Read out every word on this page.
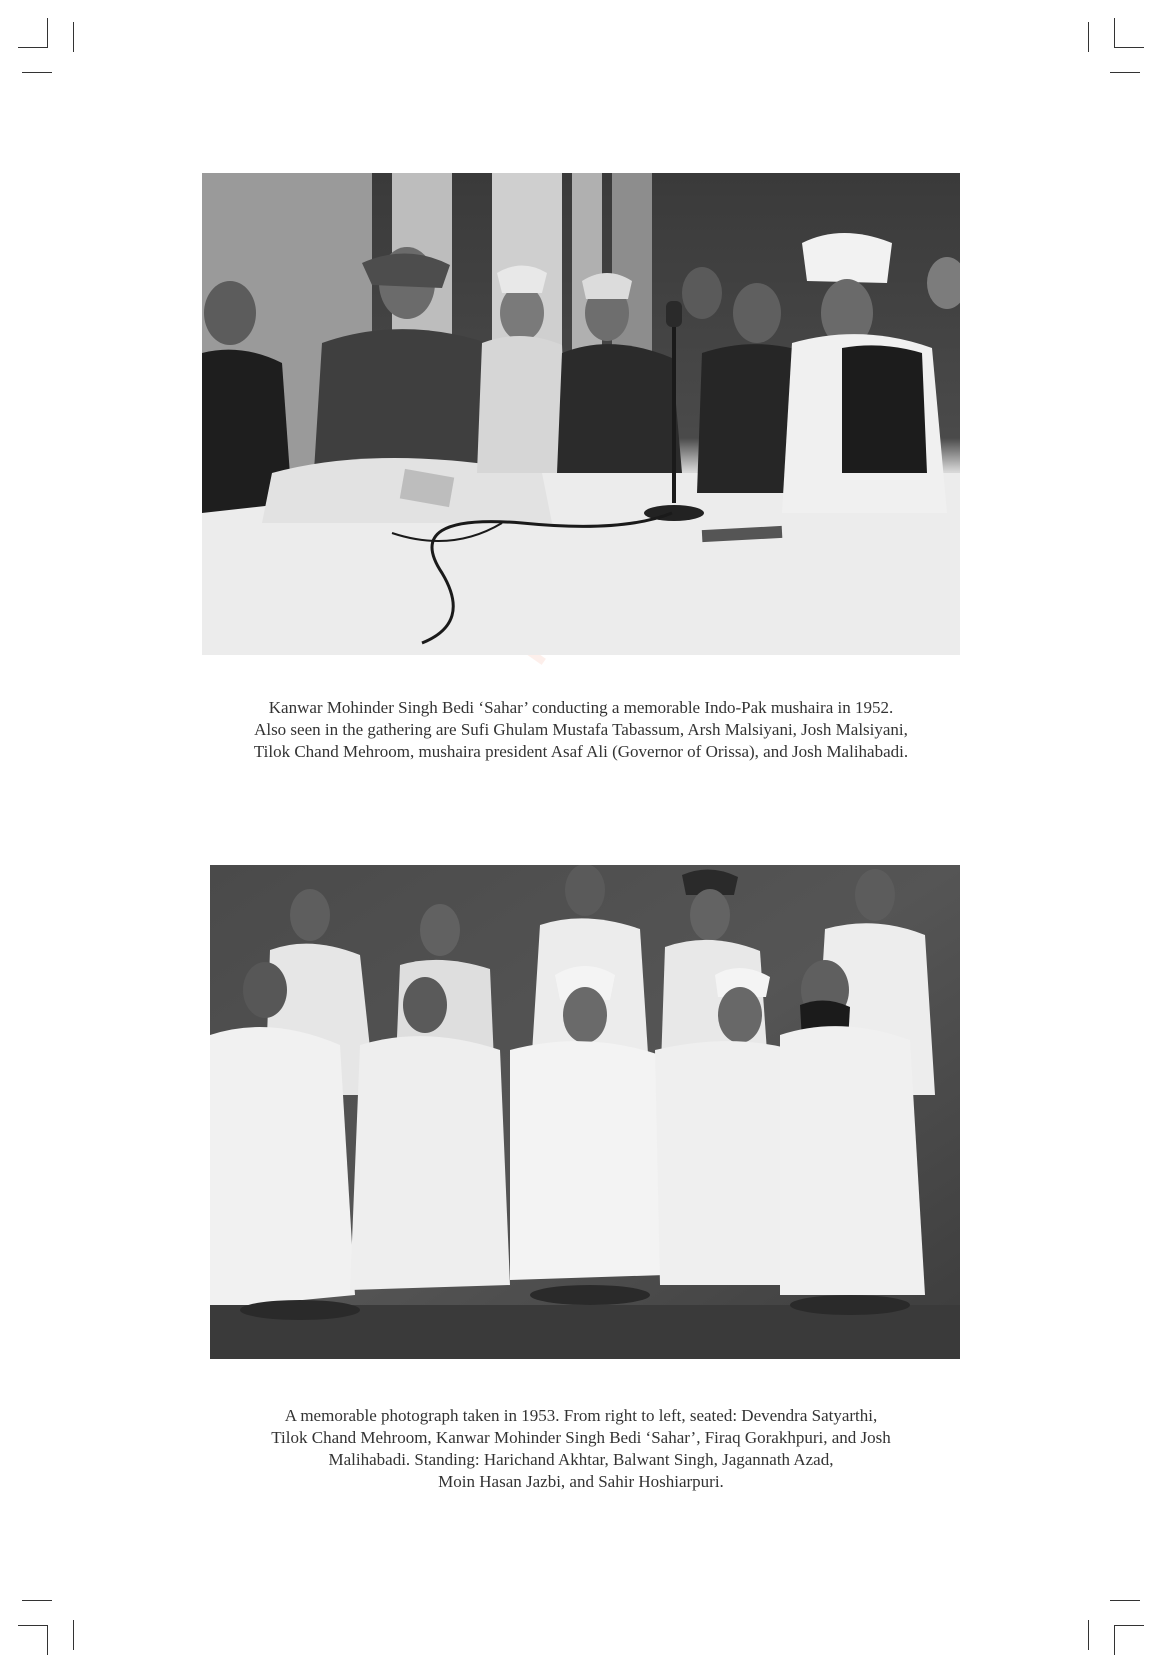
Kanwar Mohinder Singh Bedi ‘Sahar’ conducting a memorable Indo-Pak mushaira in 1952.
Also seen in the gathering are Sufi Ghulam Mustafa Tabassum, Arsh Malsiyani, Josh Malsiyani,
Tilok Chand Mehroom, mushaira president Asaf Ali (Governor of Orissa), and Josh Malihabadi.
A memorable photograph taken in 1953. From right to left, seated: Devendra Satyarthi,
Tilok Chand Mehroom, Kanwar Mohinder Singh Bedi ‘Sahar’, Firaq Gorakhpuri, and Josh
Malihabadi. Standing: Harichand Akhtar, Balwant Singh, Jagannath Azad,
Moin Hasan Jazbi, and Sahir Hoshiarpuri.
